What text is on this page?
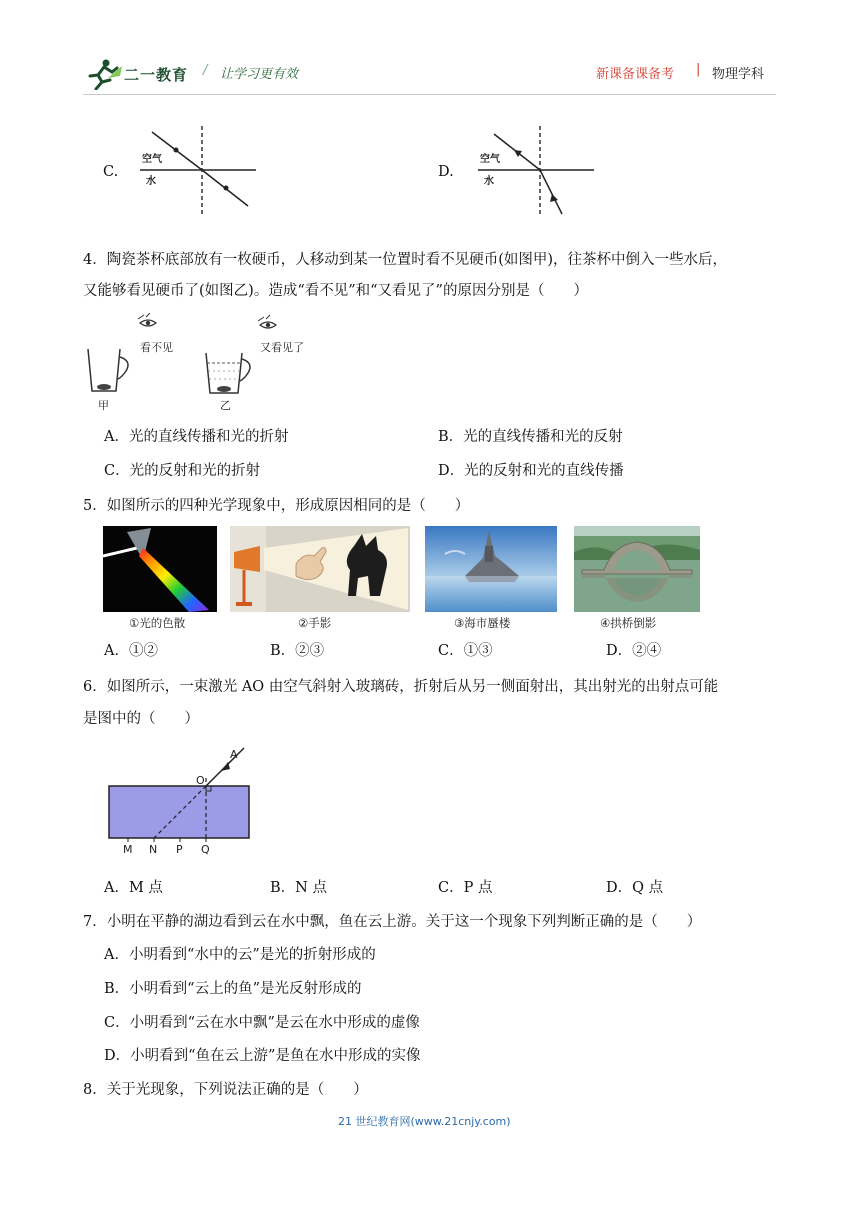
二一教育 / 让学习更有效	新课备课备考 | 物理学科
C.
空气
水
D.
空气
水
4．陶瓷茶杯底部放有一枚硬币，人移动到某一位置时看不见硬币(如图甲)，往茶杯中倒入一些水后，
又能够看见硬币了(如图乙)。造成“看不见”和“又看见了”的原因分别是（　　）
看不见
甲
又看见了
乙
A．光的直线传播和光的折射	B．光的直线传播和光的反射
C．光的反射和光的折射	D．光的反射和光的直线传播
5．如图所示的四种光学现象中，形成原因相同的是（　　）
①光的色散	②手影	③海市蜃楼	④拱桥倒影
A．①②	B．②③	C．①③	D．②④
6．如图所示，一束激光 AO 由空气斜射入玻璃砖，折射后从另一侧面射出，其出射光的出射点可能
是图中的（　　）
A
O
M N P Q
A．M 点	B．N 点	C．P 点	D．Q 点
7．小明在平静的湖边看到云在水中飘，鱼在云上游。关于这一个现象下列判断正确的是（　　）
A．小明看到“水中的云”是光的折射形成的
B．小明看到“云上的鱼”是光反射形成的
C．小明看到“云在水中飘”是云在水中形成的虚像
D．小明看到“鱼在云上游”是鱼在水中形成的实像
8．关于光现象，下列说法正确的是（　　）
21 世纪教育网(www.21cnjy.com)
